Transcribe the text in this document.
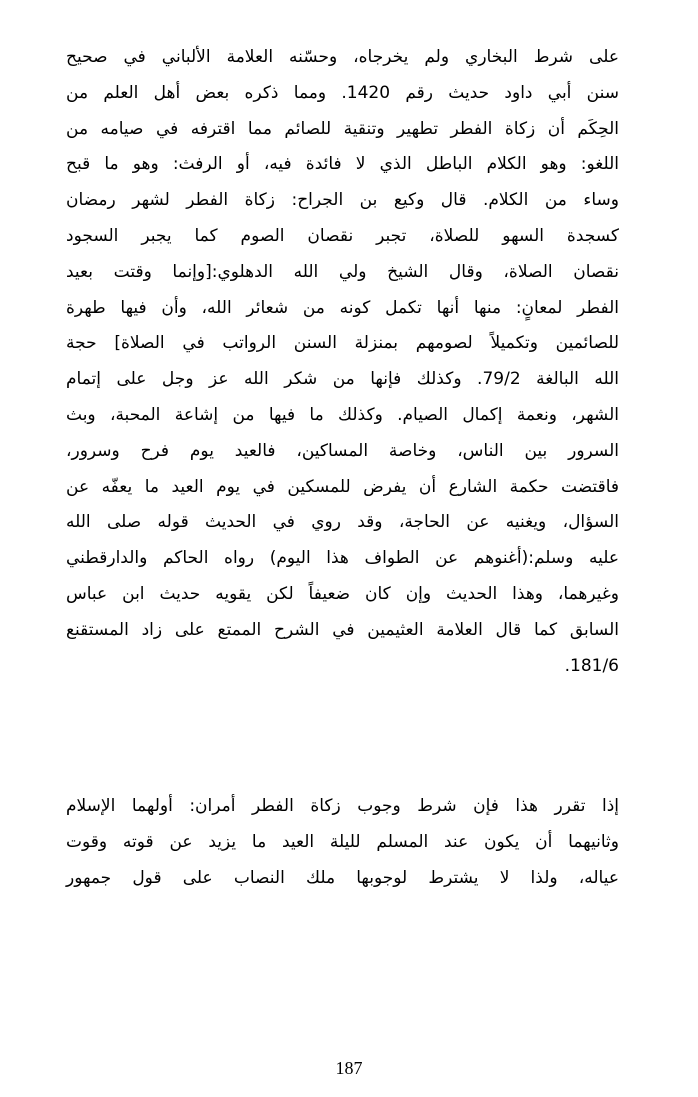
على شرط البخاري ولم يخرجاه، وحسّنه العلامة الألباني في صحيح
سنن أبي داود حديث رقم 1420. ومما ذكره بعض أهل العلم من
الحِكَم أن زكاة الفطر تطهير وتنقية للصائم مما اقترفه في صيامه من
اللغو: وهو الكلام الباطل الذي لا فائدة فيه، أو الرفث: وهو ما قبح
وساء من الكلام. قال وكيع بن الجراح: زكاة الفطر لشهر رمضان
كسجدة السهو للصلاة، تجبر نقصان الصوم كما يجبر السجود
نقصان الصلاة، وقال الشيخ ولي الله الدهلوي:[وإنما وقتت بعيد
الفطر لمعانٍ: منها أنها تكمل كونه من شعائر الله، وأن فيها طهرة
للصائمين وتكميلاً لصومهم بمنزلة السنن الرواتب في الصلاة] حجة
الله البالغة 79/2. وكذلك فإنها من شكر الله عز وجل على إتمام
الشهر، ونعمة إكمال الصيام. وكذلك ما فيها من إشاعة المحبة، وبث
السرور بين الناس، وخاصة المساكين، فالعيد يوم فرح وسرور،
فاقتضت حكمة الشارع أن يفرض للمسكين في يوم العيد ما يعفّه عن
السؤال، ويغنيه عن الحاجة، وقد روي في الحديث قوله صلى الله
عليه وسلم:(أغنوهم عن الطواف هذا اليوم) رواه الحاكم والدارقطني
وغيرهما، وهذا الحديث وإن كان ضعيفاً لكن يقويه حديث ابن عباس
السابق كما قال العلامة العثيمين في الشرح الممتع على زاد المستقنع
181/6.
إذا تقرر هذا فإن شرط وجوب زكاة الفطر أمران: أولهما الإسلام
وثانيهما أن يكون عند المسلم لليلة العيد ما يزيد عن قوته وقوت
عياله، ولذا لا يشترط لوجوبها ملك النصاب على قول جمهور
187
